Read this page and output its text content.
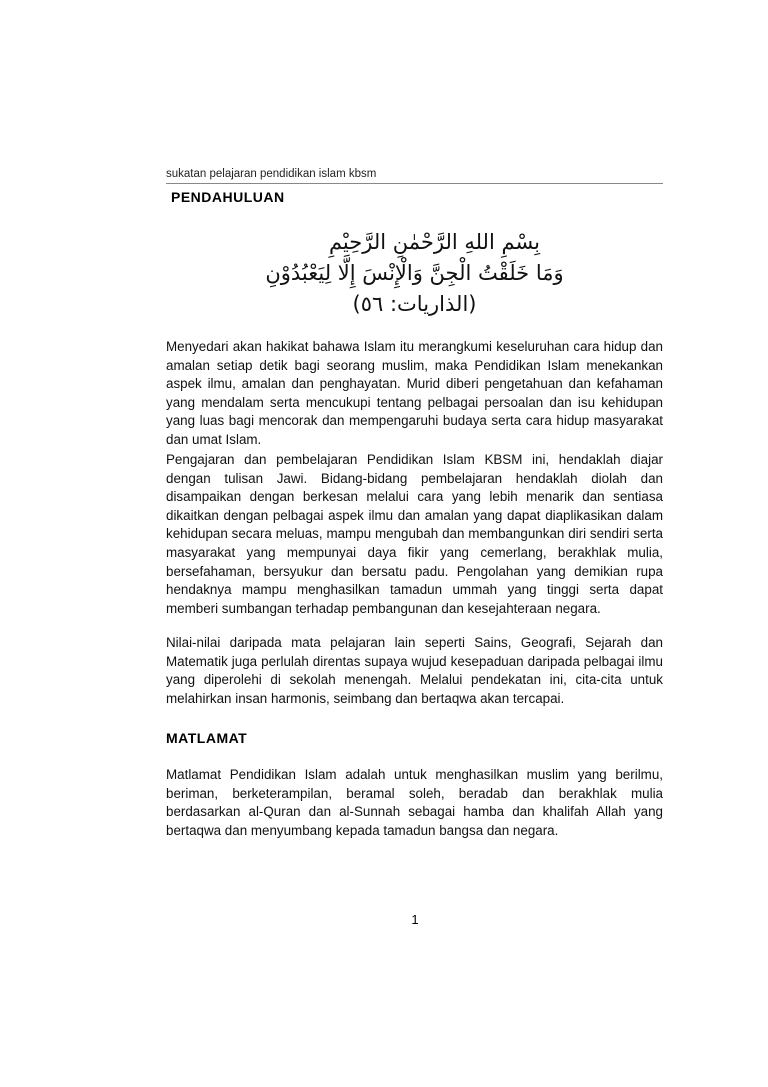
sukatan pelajaran pendidikan islam kbsm
PENDAHULUAN
بِسْمِ اللهِ الرَّحْمٰنِ الرَّحِيْمِ
وَمَا خَلَقْتُ الْجِنَّ وَالْإِنْسَ إِلَّا لِيَعْبُدُوْنِ
(الذاريات: ٥٦)

Menyedari akan hakikat bahawa Islam itu merangkumi keseluruhan cara hidup dan amalan setiap detik bagi seorang muslim, maka Pendidikan Islam menekankan aspek ilmu, amalan dan penghayatan. Murid diberi pengetahuan dan kefahaman yang mendalam serta mencukupi tentang pelbagai persoalan dan isu kehidupan yang luas bagi mencorak dan mempengaruhi budaya serta cara hidup masyarakat dan umat Islam.

Pengajaran dan pembelajaran Pendidikan Islam KBSM ini, hendaklah diajar dengan tulisan Jawi. Bidang-bidang pembelajaran hendaklah diolah dan disampaikan dengan berkesan melalui cara yang lebih menarik dan sentiasa dikaitkan dengan pelbagai aspek ilmu dan amalan yang dapat diaplikasikan dalam kehidupan secara meluas, mampu mengubah dan membangunkan diri sendiri serta masyarakat yang mempunyai daya fikir yang cemerlang, berakhlak mulia, bersefahaman, bersyukur dan bersatu padu. Pengolahan yang demikian rupa hendaknya mampu menghasilkan tamadun ummah yang tinggi serta dapat memberi sumbangan terhadap pembangunan dan kesejahteraan negara.

Nilai-nilai daripada mata pelajaran lain seperti Sains, Geografi, Sejarah dan Matematik juga perlulah direntas supaya wujud kesepaduan daripada pelbagai ilmu yang diperolehi di sekolah menengah. Melalui pendekatan ini, cita-cita untuk melahirkan insan harmonis, seimbang dan bertaqwa akan tercapai.

MATLAMAT

Matlamat Pendidikan Islam adalah untuk menghasilkan muslim yang berilmu, beriman, berketerampilan, beramal soleh, beradab dan berakhlak mulia berdasarkan al-Quran dan al-Sunnah sebagai hamba dan khalifah Allah yang bertaqwa dan menyumbang kepada tamadun bangsa dan negara.

1
